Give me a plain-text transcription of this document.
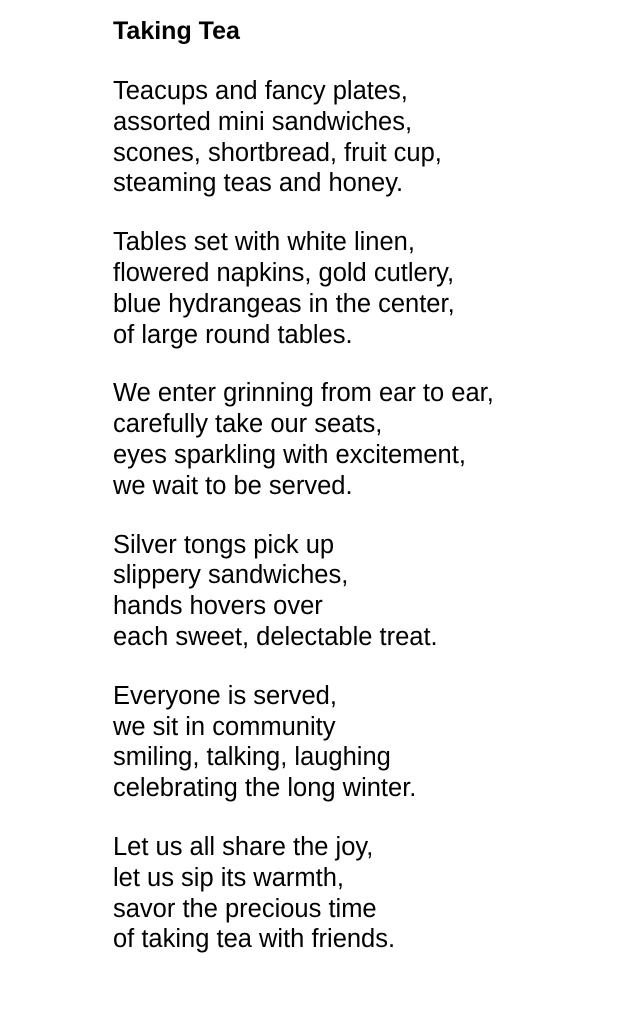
Taking Tea
Teacups and fancy plates,
assorted mini sandwiches,
scones, shortbread, fruit cup,
steaming teas and honey.
Tables set with white linen,
flowered napkins, gold cutlery,
blue hydrangeas in the center,
of large round tables.
We enter grinning from ear to ear,
carefully take our seats,
eyes sparkling with excitement,
we wait to be served.
Silver tongs pick up
slippery sandwiches,
hands hovers over
each sweet, delectable treat.
Everyone is served,
we sit in community
smiling, talking, laughing
celebrating the long winter.
Let us all share the joy,
let us sip its warmth,
savor the precious time
of taking tea with friends.
